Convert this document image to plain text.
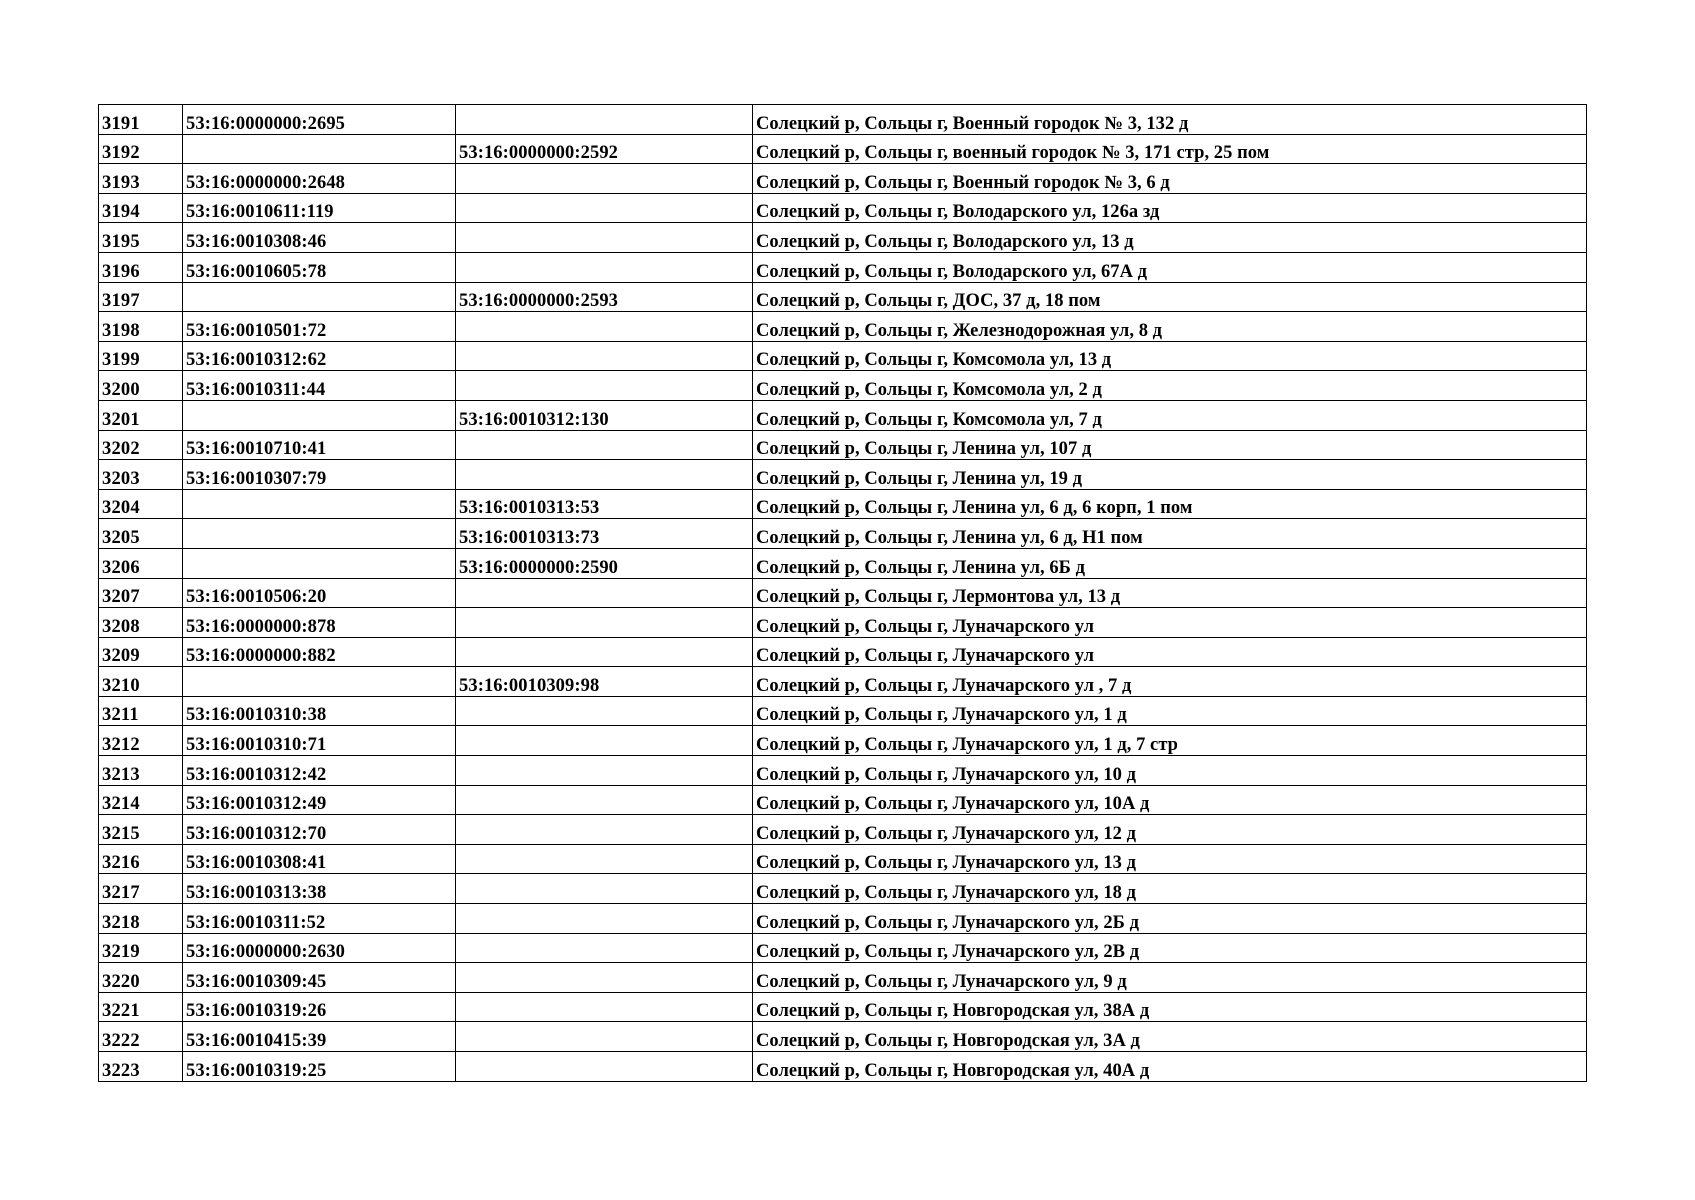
3191	53:16:0000000:2695		Солецкий р, Сольцы г, Военный городок № 3, 132 д
3192		53:16:0000000:2592	Солецкий р, Сольцы г, военный городок № 3, 171 стр, 25 пом
3193	53:16:0000000:2648		Солецкий р, Сольцы г, Военный городок № 3, 6 д
3194	53:16:0010611:119		Солецкий р, Сольцы г, Володарского ул, 126а зд
3195	53:16:0010308:46		Солецкий р, Сольцы г, Володарского ул, 13 д
3196	53:16:0010605:78		Солецкий р, Сольцы г, Володарского ул, 67А д
3197		53:16:0000000:2593	Солецкий р, Сольцы г, ДОС, 37 д, 18 пом
3198	53:16:0010501:72		Солецкий р, Сольцы г, Железнодорожная ул, 8 д
3199	53:16:0010312:62		Солецкий р, Сольцы г, Комсомола ул, 13 д
3200	53:16:0010311:44		Солецкий р, Сольцы г, Комсомола ул, 2 д
3201		53:16:0010312:130	Солецкий р, Сольцы г, Комсомола ул, 7 д
3202	53:16:0010710:41		Солецкий р, Сольцы г, Ленина ул, 107 д
3203	53:16:0010307:79		Солецкий р, Сольцы г, Ленина ул, 19 д
3204		53:16:0010313:53	Солецкий р, Сольцы г, Ленина ул, 6 д, 6 корп, 1 пом
3205		53:16:0010313:73	Солецкий р, Сольцы г, Ленина ул, 6 д, Н1 пом
3206		53:16:0000000:2590	Солецкий р, Сольцы г, Ленина ул, 6Б д
3207	53:16:0010506:20		Солецкий р, Сольцы г, Лермонтова ул, 13 д
3208	53:16:0000000:878		Солецкий р, Сольцы г, Луначарского ул
3209	53:16:0000000:882		Солецкий р, Сольцы г, Луначарского ул
3210		53:16:0010309:98	Солецкий р, Сольцы г, Луначарского ул , 7 д
3211	53:16:0010310:38		Солецкий р, Сольцы г, Луначарского ул, 1 д
3212	53:16:0010310:71		Солецкий р, Сольцы г, Луначарского ул, 1 д, 7 стр
3213	53:16:0010312:42		Солецкий р, Сольцы г, Луначарского ул, 10 д
3214	53:16:0010312:49		Солецкий р, Сольцы г, Луначарского ул, 10А д
3215	53:16:0010312:70		Солецкий р, Сольцы г, Луначарского ул, 12 д
3216	53:16:0010308:41		Солецкий р, Сольцы г, Луначарского ул, 13 д
3217	53:16:0010313:38		Солецкий р, Сольцы г, Луначарского ул, 18 д
3218	53:16:0010311:52		Солецкий р, Сольцы г, Луначарского ул, 2Б д
3219	53:16:0000000:2630		Солецкий р, Сольцы г, Луначарского ул, 2В д
3220	53:16:0010309:45		Солецкий р, Сольцы г, Луначарского ул, 9 д
3221	53:16:0010319:26		Солецкий р, Сольцы г, Новгородская ул, 38А д
3222	53:16:0010415:39		Солецкий р, Сольцы г, Новгородская ул, 3А д
3223	53:16:0010319:25		Солецкий р, Сольцы г, Новгородская ул, 40А д
